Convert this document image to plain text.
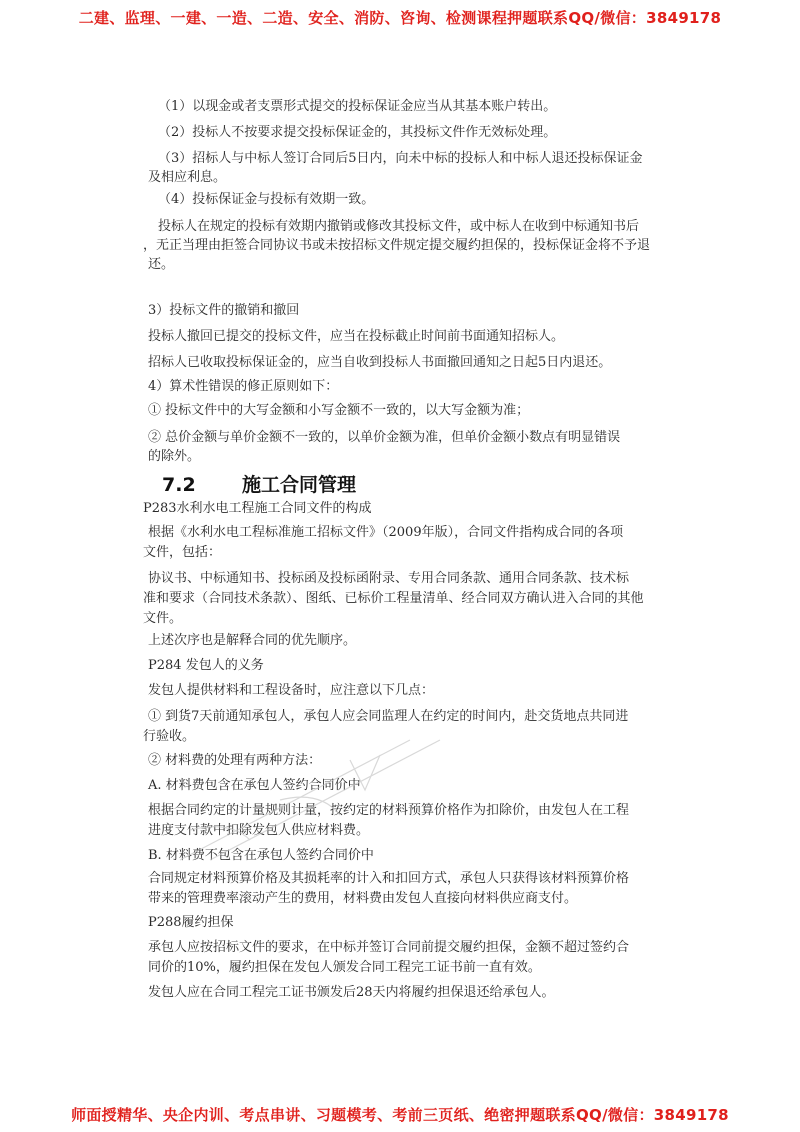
二建、监理、一建、一造、二造、安全、消防、咨询、检测课程押题联系QQ/微信：3849178

（1）以现金或者支票形式提交的投标保证金应当从其基本账户转出。

（2）投标人不按要求提交投标保证金的，其投标文件作无效标处理。

（3）招标人与中标人签订合同后5日内，向未中标的投标人和中标人退还投标保证金

及相应利息。

（4）投标保证金与投标有效期一致。

投标人在规定的投标有效期内撤销或修改其投标文件，或中标人在收到中标通知书后

，无正当理由拒签合同协议书或未按招标文件规定提交履约担保的，投标保证金将不予退

还。

3）投标文件的撤销和撤回

投标人撤回已提交的投标文件，应当在投标截止时间前书面通知招标人。

招标人已收取投标保证金的，应当自收到投标人书面撤回通知之日起5日内退还。

4）算术性错误的修正原则如下：

① 投标文件中的大写金额和小写金额不一致的，以大写金额为准；

② 总价金额与单价金额不一致的，以单价金额为准，但单价金额小数点有明显错误

的除外。

7.2 施工合同管理

P283水利水电工程施工合同文件的构成

根据《水利水电工程标准施工招标文件》（2009年版），合同文件指构成合同的各项

文件，包括：

协议书、中标通知书、投标函及投标函附录、专用合同条款、通用合同条款、技术标

准和要求（合同技术条款）、图纸、已标价工程量清单、经合同双方确认进入合同的其他

文件。

上述次序也是解释合同的优先顺序。

P284 发包人的义务

发包人提供材料和工程设备时，应注意以下几点：

① 到货7天前通知承包人，承包人应会同监理人在约定的时间内，赴交货地点共同进

行验收。

② 材料费的处理有两种方法：

A. 材料费包含在承包人签约合同价中

根据合同约定的计量规则计量，按约定的材料预算价格作为扣除价，由发包人在工程

进度支付款中扣除发包人供应材料费。

B. 材料费不包含在承包人签约合同价中

合同规定材料预算价格及其损耗率的计入和扣回方式，承包人只获得该材料预算价格

带来的管理费率滚动产生的费用，材料费由发包人直接向材料供应商支付。

P288履约担保

承包人应按招标文件的要求，在中标并签订合同前提交履约担保，金额不超过签约合

同价的10%，履约担保在发包人颁发合同工程完工证书前一直有效。

发包人应在合同工程完工证书颁发后28天内将履约担保退还给承包人。

师面授精华、央企内训、考点串讲、习题模考、考前三页纸、绝密押题联系QQ/微信：3849178
